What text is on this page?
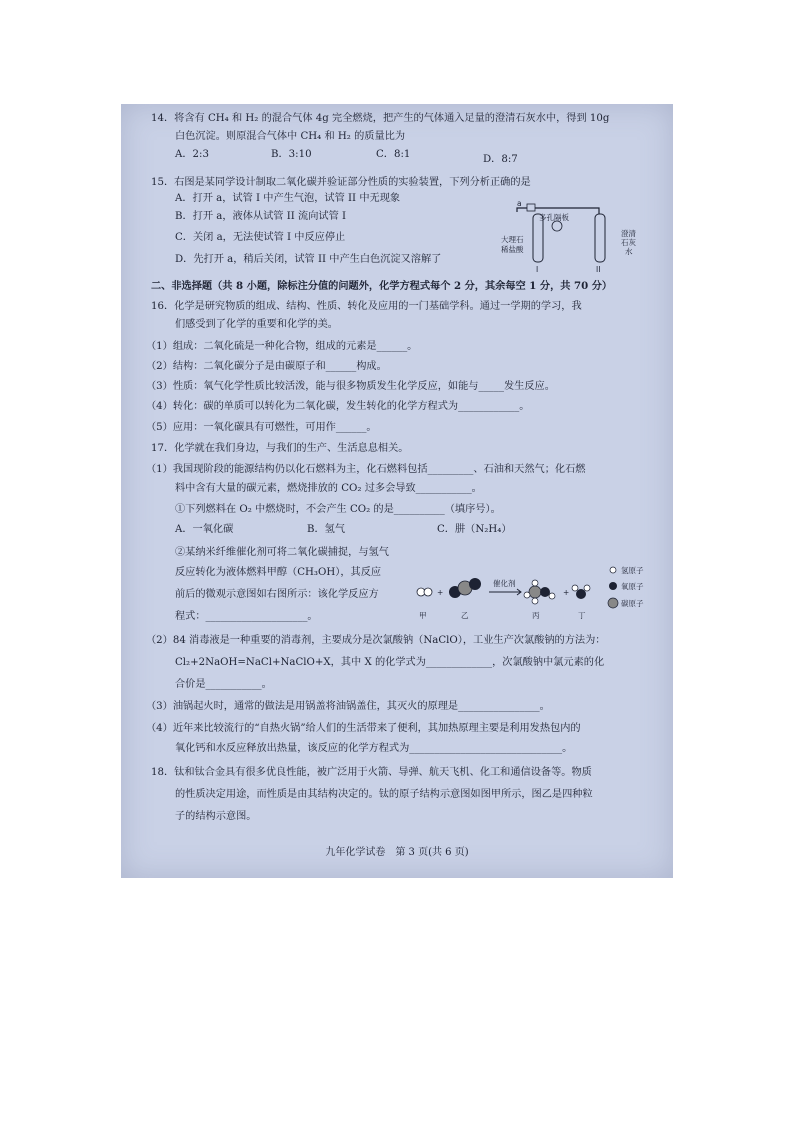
14．将含有 CH₄ 和 H₂ 的混合气体 4g 完全燃烧，把产生的气体通入足量的澄清石灰水中，得到 10g
白色沉淀。则原混合气体中 CH₄ 和 H₂ 的质量比为
A．2:3	B．3:10	C．8:1	D．8:7
15．右图是某同学设计制取二氧化碳并验证部分性质的实验装置，下列分析正确的是
A．打开 a，试管 I 中产生气泡，试管 II 中无现象
B．打开 a，液体从试管 II 流向试管 I
C．关闭 a，无法使试管 I 中反应停止
D．先打开 a，稍后关闭，试管 II 中产生白色沉淀又溶解了
二、非选择题（共 8 小题，除标注分值的问题外，化学方程式每个 2 分，其余每空 1 分，共 70 分）
16．化学是研究物质的组成、结构、性质、转化及应用的一门基础学科。通过一学期的学习，我
们感受到了化学的重要和化学的美。
（1）组成：二氧化硫是一种化合物，组成的元素是______。
（2）结构：二氧化碳分子是由碳原子和______构成。
（3）性质：氧气化学性质比较活泼，能与很多物质发生化学反应，如能与_____发生反应。
（4）转化：碳的单质可以转化为二氧化碳，发生转化的化学方程式为____________。
（5）应用：一氧化碳具有可燃性，可用作______。
17．化学就在我们身边，与我们的生产、生活息息相关。
（1）我国现阶段的能源结构仍以化石燃料为主，化石燃料包括_________、石油和天然气；化石燃
料中含有大量的碳元素，燃烧排放的 CO₂ 过多会导致___________。
①下列燃料在 O₂ 中燃烧时，不会产生 CO₂ 的是__________（填序号）。
A．一氧化碳	B．氢气	C．肼（N₂H₄）
②某纳米纤维催化剂可将二氧化碳捕捉，与氢气
反应转化为液体燃料甲醇（CH₃OH），其反应
前后的微观示意图如右图所示：该化学反应方
程式：____________________。
（2）84 消毒液是一种重要的消毒剂，主要成分是次氯酸钠（NaClO），工业生产次氯酸钠的方法为：
Cl₂+2NaOH=NaCl+NaClO+X，其中 X 的化学式为_____________，次氯酸钠中氯元素的化
合价是___________。
（3）油锅起火时，通常的做法是用锅盖将油锅盖住，其灭火的原理是________________。
（4）近年来比较流行的“自热火锅”给人们的生活带来了便利，其加热原理主要是利用发热包内的
氧化钙和水反应释放出热量，该反应的化学方程式为______________________________。
18．钛和钛合金具有很多优良性能，被广泛用于火箭、导弹、航天飞机、化工和通信设备等。物质
的性质决定用途，而性质是由其结构决定的。钛的原子结构示意图如图甲所示，图乙是四种粒
子的结构示意图。
a
多孔隔板
大理石
稀盐酸
澄清
石灰
水
I	II
+
催化剂
+
甲	乙	丙	丁
氢原子
氧原子
碳原子
九年化学试卷　第 3 页(共 6 页)
